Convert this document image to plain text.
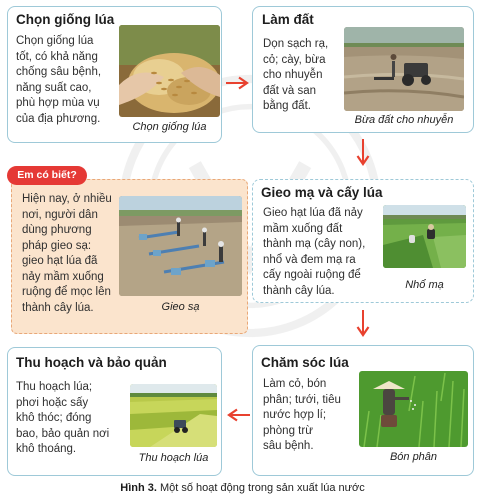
Chọn giống lúa
Chọn giống lúa
tốt, có khả năng
chống sâu bệnh,
năng suất cao,
phù hợp mùa vụ
của địa phương.
Chọn giống lúa
Làm đất
Dọn sạch rạ,
cỏ; cày, bừa
cho nhuyễn
đất và san
bằng đất.
Bừa đất cho nhuyễn
Em có biết?
Hiện nay, ở nhiều
nơi, người dân
dùng phương
pháp gieo sạ:
gieo hạt lúa đã
nảy mầm xuống
ruộng để mọc lên
thành cây lúa.	Gieo sạ
Gieo mạ và cấy lúa
Gieo hạt lúa đã nảy
mầm xuống đất
thành mạ (cây non),
nhổ và đem mạ ra
cấy ngoài ruộng để
thành cây lúa.	Nhổ mạ
Chăm sóc lúa
Làm cỏ, bón
phân; tưới, tiêu
nước hợp lí;
phòng trừ
sâu bệnh.
Bón phân
Thu hoạch và bảo quản
Thu hoạch lúa;
phơi hoặc sấy
khô thóc; đóng
bao, bảo quản nơi
khô thoáng.
Thu hoạch lúa
Hình 3. Một số hoạt động trong sản xuất lúa nước
